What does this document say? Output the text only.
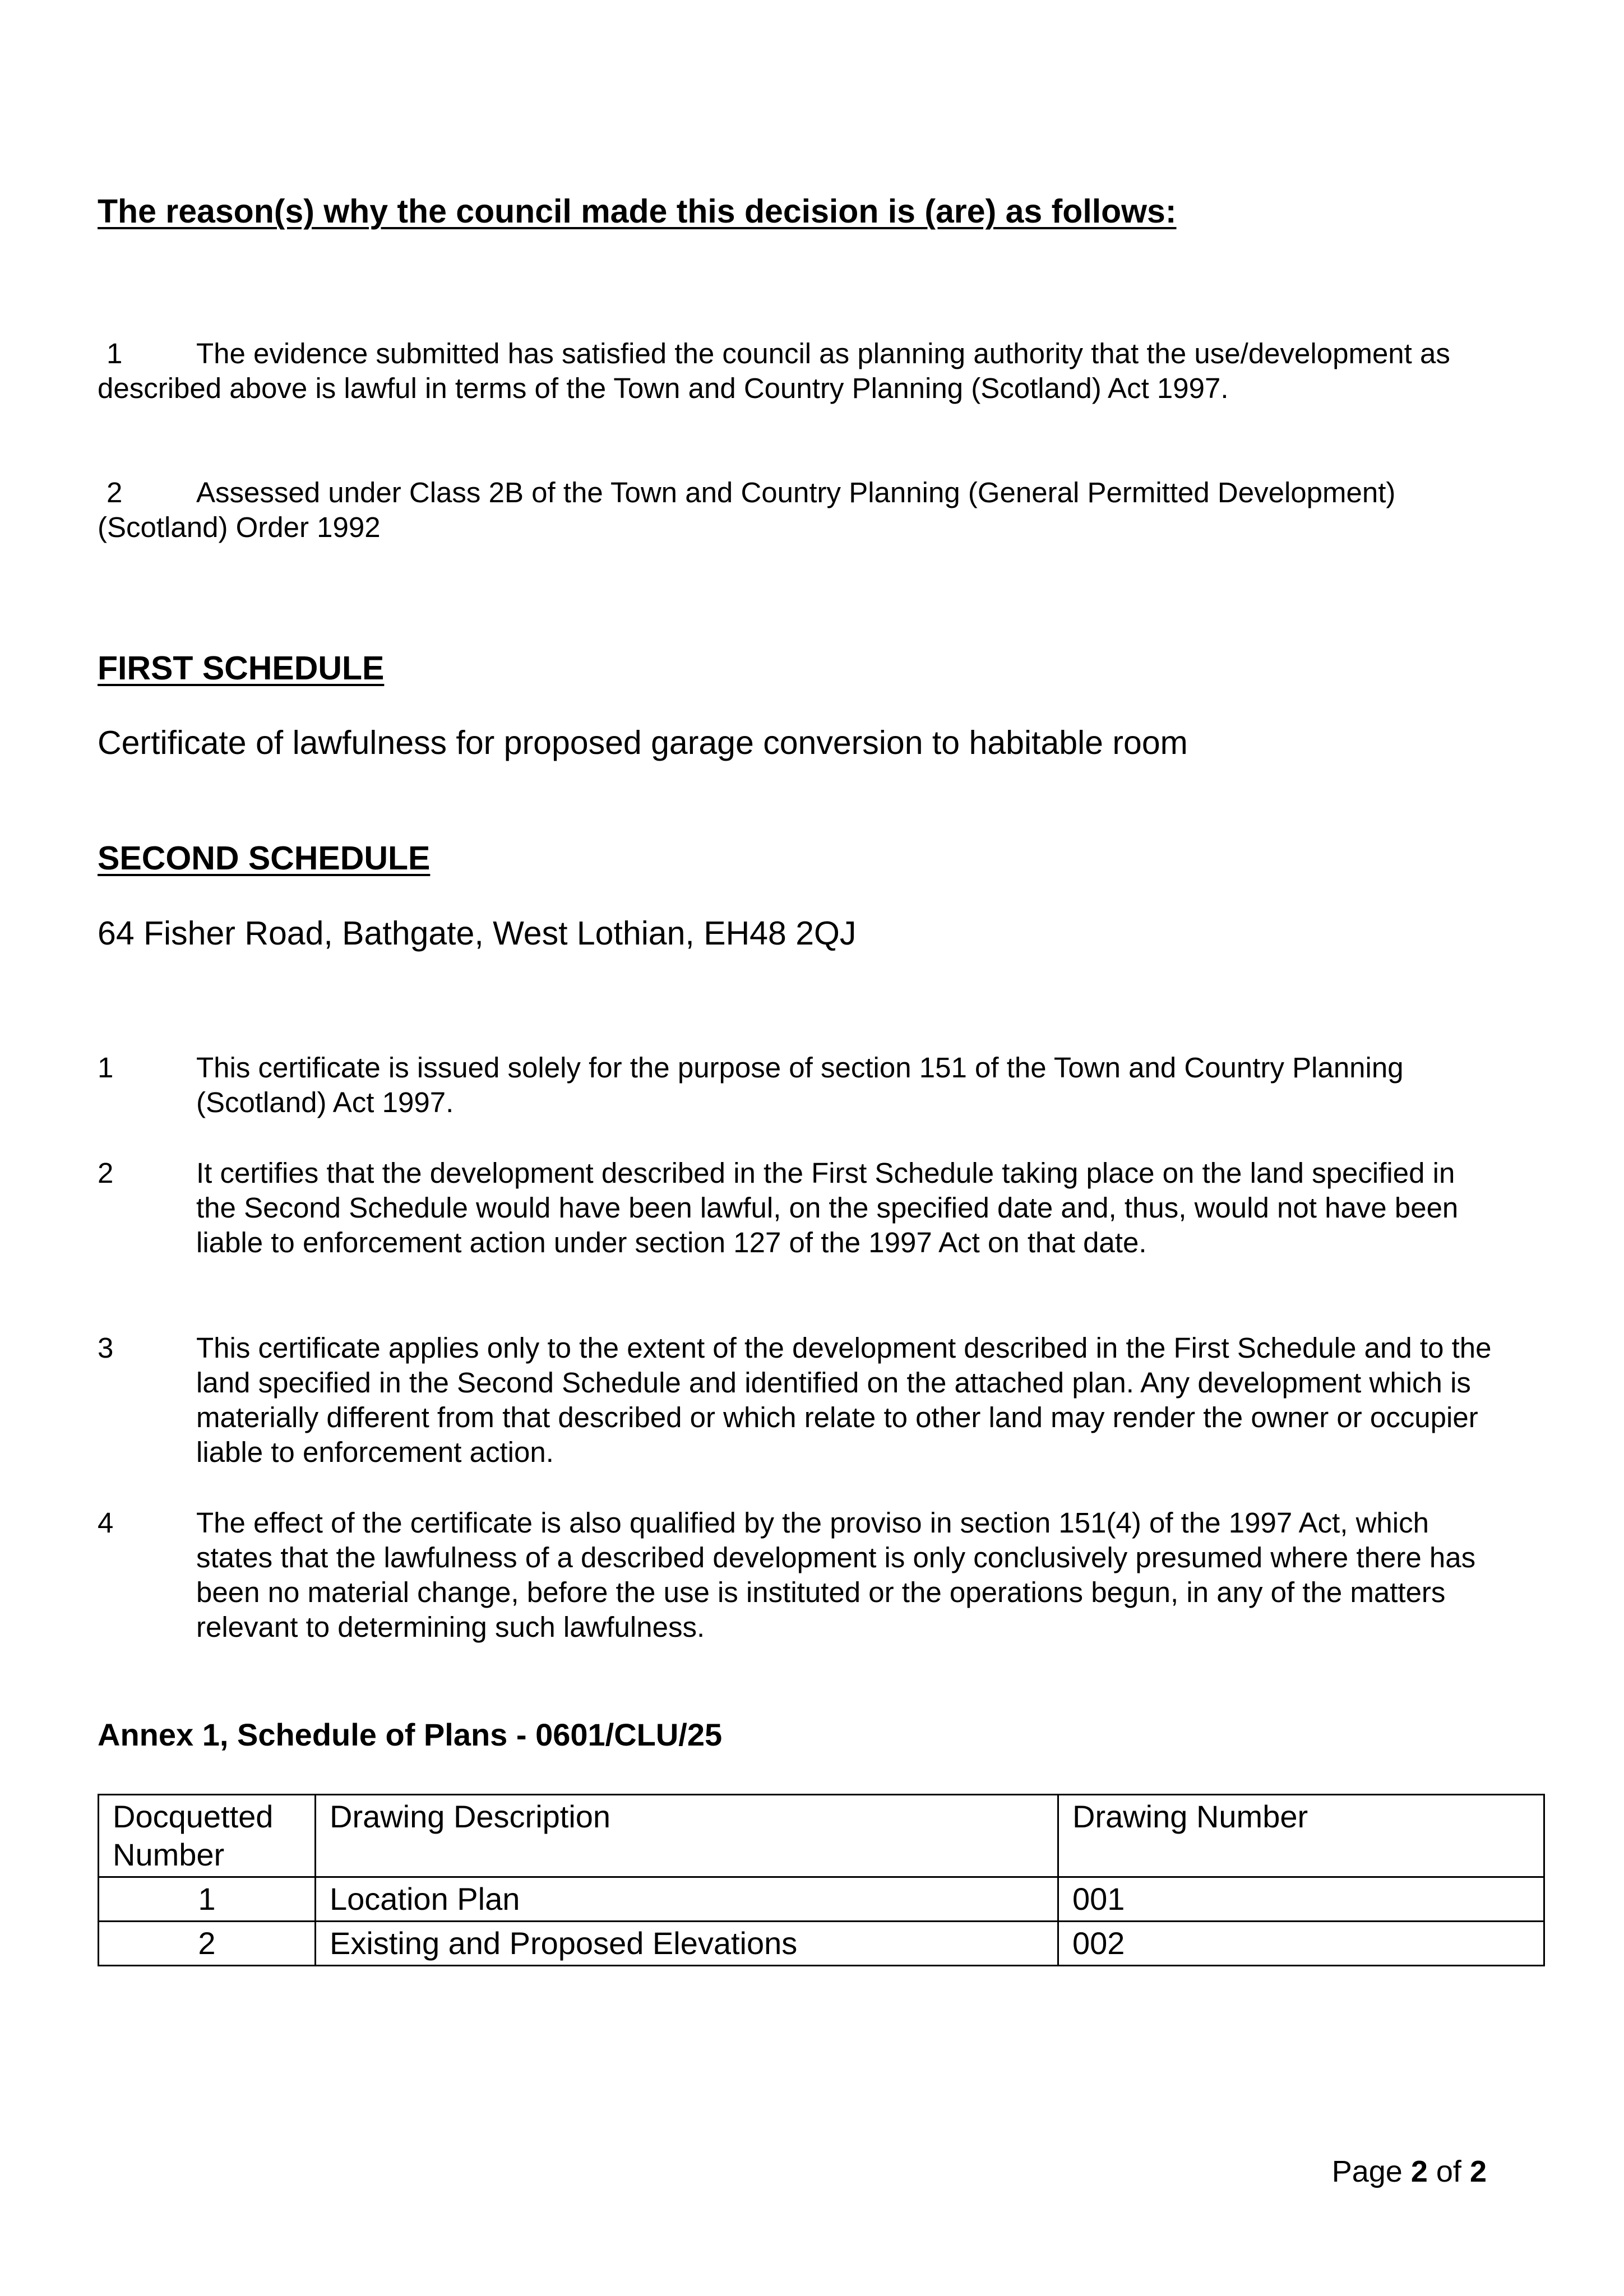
The reason(s) why the council made this decision is (are) as follows:
1	The evidence submitted has satisfied the council as planning authority that the use/development as described above is lawful in terms of the Town and Country Planning (Scotland) Act 1997.
2	Assessed under Class 2B of the Town and Country Planning (General Permitted Development)(Scotland) Order 1992
FIRST SCHEDULE
Certificate of lawfulness for proposed garage conversion to habitable room
SECOND SCHEDULE
64 Fisher Road, Bathgate, West Lothian, EH48 2QJ
1	This certificate is issued solely for the purpose of section 151 of the Town and Country Planning (Scotland) Act 1997.
2	It certifies that the development described in the First Schedule taking place on the land specified in the Second Schedule would have been lawful, on the specified date and, thus, would not have been liable to enforcement action under section 127 of the 1997 Act on that date.
3	This certificate applies only to the extent of the development described in the First Schedule and to the land specified in the Second Schedule and identified on the attached plan. Any development which is materially different from that described or which relate to other land may render the owner or occupier liable to enforcement action.
4	The effect of the certificate is also qualified by the proviso in section 151(4) of the 1997 Act, which states that the lawfulness of a described development is only conclusively presumed where there has been no material change, before the use is instituted or the operations begun, in any of the matters relevant to determining such lawfulness.
Annex 1, Schedule of Plans - 0601/CLU/25
Docquetted Number	Drawing Description	Drawing Number
1	Location Plan	001
2	Existing and Proposed Elevations	002
Page 2 of 2
